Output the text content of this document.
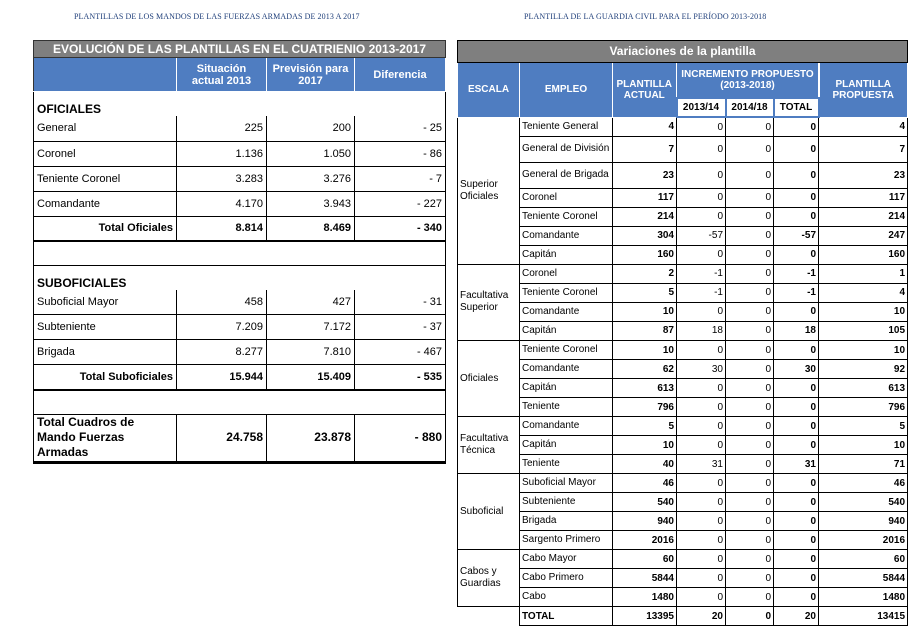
PLANTILLAS DE LOS MANDOS DE LAS FUERZAS ARMADAS DE 2013 A 2017	PLANTILLA DE LA GUARDIA CIVIL PARA EL PERÍODO 2013-2018
EVOLUCIÓN DE LAS PLANTILLAS EN EL CUATRIENIO 2013-2017			
	Situación actual 2013	Previsión para 2017	Diferencia
OFICIALES			
General	225	200	- 25
Coronel	1.136	1.050	- 86
Teniente Coronel	3.283	3.276	- 7
Comandante	4.170	3.943	- 227
Total Oficiales	8.814	8.469	- 340

SUBOFICIALES			
Suboficial Mayor	458	427	- 31
Subteniente	7.209	7.172	- 37
Brigada	8.277	7.810	- 467
Total Suboficiales	15.944	15.409	- 535

Total Cuadros de Mando Fuerzas Armadas	24.758	23.878	- 880
Variaciones de la plantilla						
ESCALA	EMPLEO	PLANTILLA ACTUAL	INCREMENTO PROPUESTO (2013-2018)			PLANTILLA PROPUESTA
			2013/14	2014/18	TOTAL	
Superior Oficiales	Teniente General	4	0	0	0	4
	General de División	7	0	0	0	7
	General de Brigada	23	0	0	0	23
	Coronel	117	0	0	0	117
	Teniente Coronel	214	0	0	0	214
	Comandante	304	-57	0	-57	247
	Capitán	160	0	0	0	160
Facultativa Superior	Coronel	2	-1	0	-1	1
	Teniente Coronel	5	-1	0	-1	4
	Comandante	10	0	0	0	10
	Capitán	87	18	0	18	105
Oficiales	Teniente Coronel	10	0	0	0	10
	Comandante	62	30	0	30	92
	Capitán	613	0	0	0	613
	Teniente	796	0	0	0	796
Facultativa Técnica	Comandante	5	0	0	0	5
	Capitán	10	0	0	0	10
	Teniente	40	31	0	31	71
Suboficial	Suboficial Mayor	46	0	0	0	46
	Subteniente	540	0	0	0	540
	Brigada	940	0	0	0	940
	Sargento Primero	2016	0	0	0	2016
Cabos y Guardias	Cabo Mayor	60	0	0	0	60
	Cabo Primero	5844	0	0	0	5844
	Cabo	1480	0	0	0	1480
	TOTAL	13395	20	0	20	13415
